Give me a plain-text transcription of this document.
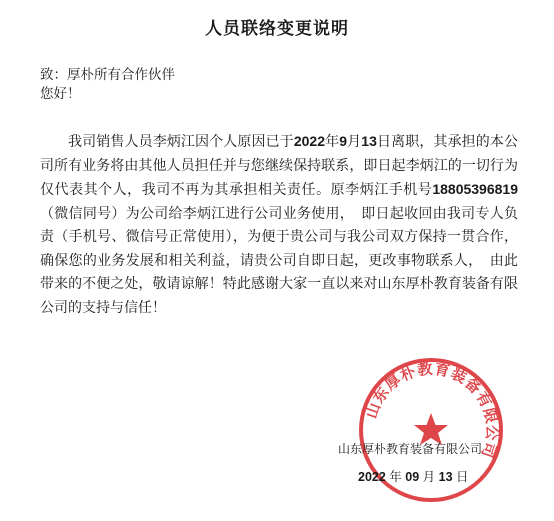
人员联络变更说明
致：厚朴所有合作伙伴
您好！

我司销售人员李炳江因个人原因已于2022年9月13日离职，其承担的本公司所有业务将由其他人员担任并与您继续保持联系，即日起李炳江的一切行为仅代表其个人，我司不再为其承担相关责任。原李炳江手机号18805396819（微信同号）为公司给李炳江进行公司业务使用，　即日起收回由我司专人负责（手机号、微信号正常使用），为便于贵公司与我公司双方保持一贯合作，确保您的业务发展和相关利益，请贵公司自即日起，更改事物联系人，　由此带来的不便之处，敬请谅解！特此感谢大家一直以来对山东厚朴教育装备有限公司的支持与信任！

山东厚朴教育装备有限公司
山东厚朴教育装备有限公司
2022 年 09 月 13 日
